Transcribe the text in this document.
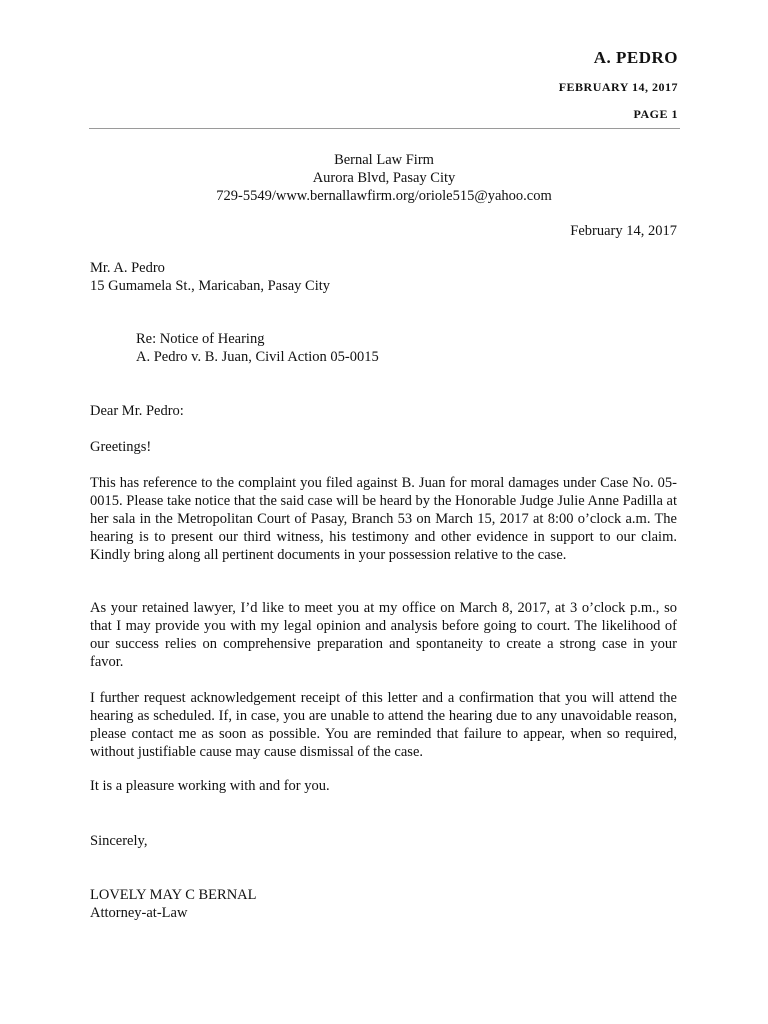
A. PEDRO
FEBRUARY 14, 2017
PAGE 1
Bernal Law Firm
Aurora Blvd, Pasay City
729-5549/www.bernallawfirm.org/oriole515@yahoo.com
February 14, 2017
Mr. A. Pedro
15 Gumamela St., Maricaban, Pasay City
Re: Notice of Hearing
A. Pedro v. B. Juan, Civil Action 05-0015
Dear Mr. Pedro:
Greetings!
This has reference to the complaint you filed against B. Juan for moral damages under Case No. 05-0015. Please take notice that the said case will be heard by the Honorable Judge Julie Anne Padilla at her sala in the Metropolitan Court of Pasay, Branch 53 on March 15, 2017 at 8:00 o’clock a.m. The hearing is to present our third witness, his testimony and other evidence in support to our claim. Kindly bring along all pertinent documents in your possession relative to the case.
As your retained lawyer, I’d like to meet you at my office on March 8, 2017, at 3 o’clock p.m., so that I may provide you with my legal opinion and analysis before going to court. The likelihood of our success relies on comprehensive preparation and spontaneity to create a strong case in your favor.
I further request acknowledgement receipt of this letter and a confirmation that you will attend the hearing as scheduled. If, in case, you are unable to attend the hearing due to any unavoidable reason, please contact me as soon as possible. You are reminded that failure to appear, when so required, without justifiable cause may cause dismissal of the case.
It is a pleasure working with and for you.
Sincerely,
LOVELY MAY C BERNAL
Attorney-at-Law
